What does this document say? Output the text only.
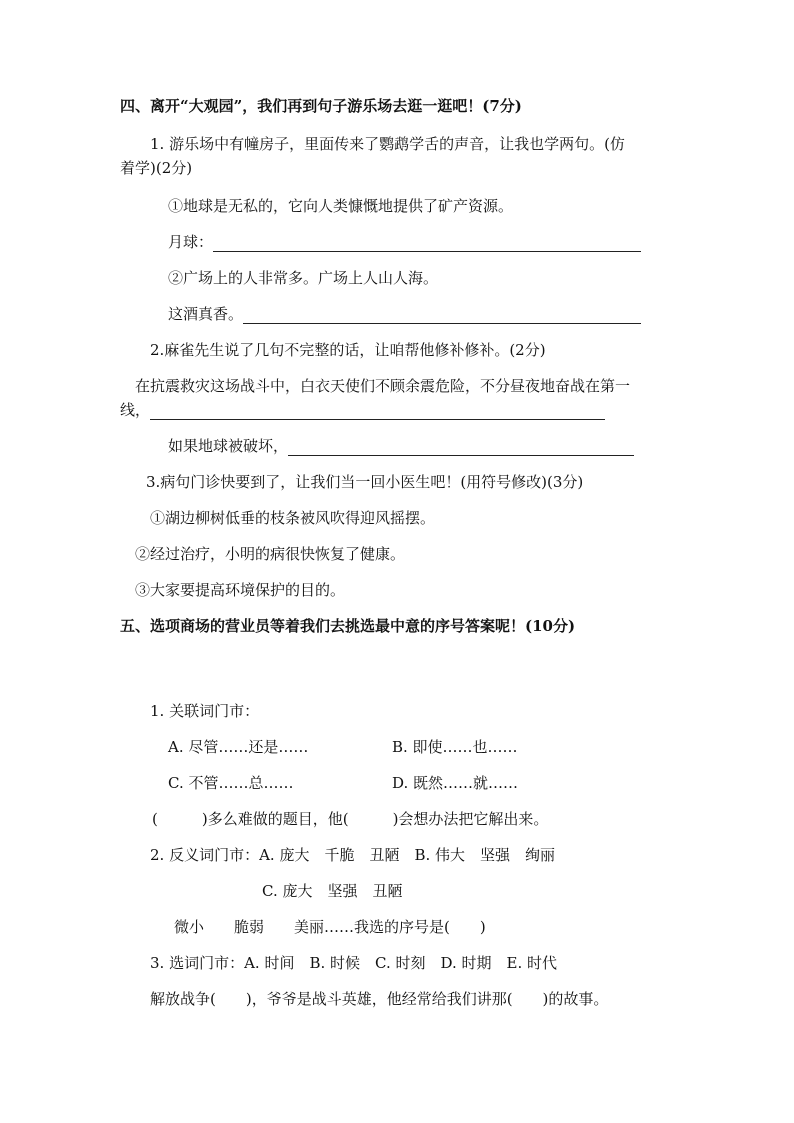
四、离开“大观园”，我们再到句子游乐场去逛一逛吧！(7分)
1. 游乐场中有幢房子，里面传来了鹦鹉学舌的声音，让我也学两句。(仿
着学)(2分)
①地球是无私的，它向人类慷慨地提供了矿产资源。
月球：
②广场上的人非常多。广场上人山人海。
这酒真香。
2.麻雀先生说了几句不完整的话，让咱帮他修补修补。(2分)
在抗震救灾这场战斗中，白衣天使们不顾余震危险，不分昼夜地奋战在第一
线，
如果地球被破坏，
3.病句门诊快要到了，让我们当一回小医生吧！(用符号修改)(3分)
①湖边柳树低垂的枝条被风吹得迎风摇摆。
②经过治疗，小明的病很快恢复了健康。
③大家要提高环境保护的目的。
五、选项商场的营业员等着我们去挑选最中意的序号答案呢！(10分)
1. 关联词门市：
A. 尽管……还是……	B. 即使……也……
C. 不管……总……	D. 既然……就……
(	)多么难做的题目，他(	)会想办法把它解出来。
2. 反义词门市：A. 庞大　千脆　丑陋　B. 伟大　坚强　绚丽
C. 庞大　坚强　丑陋
微小　　脆弱　　美丽……我选的序号是(　　)
3. 选词门市：A. 时间　B. 时候　C. 时刻　D. 时期　E. 时代
解放战争(　　)，爷爷是战斗英雄，他经常给我们讲那(　　)的故事。
